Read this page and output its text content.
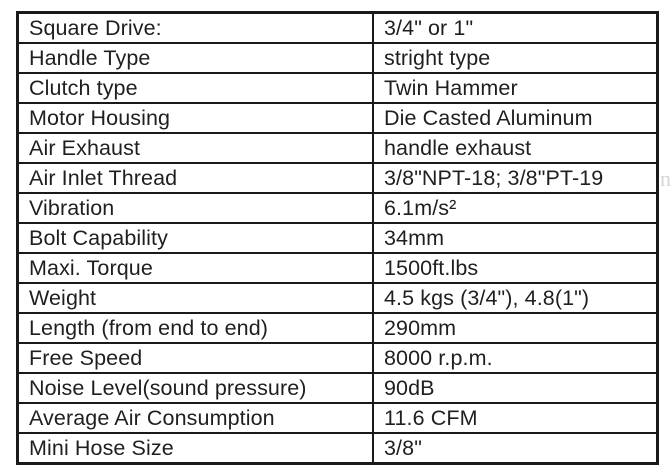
Square Drive:	3/4" or 1"
Handle Type	stright type
Clutch type	Twin Hammer
Motor Housing	Die Casted Aluminum
Air Exhaust	handle exhaust
Air Inlet Thread	3/8"NPT-18; 3/8"PT-19
Vibration	6.1m/s²
Bolt Capability	34mm
Maxi. Torque	1500ft.lbs
Weight	4.5 kgs (3/4"), 4.8(1")
Length (from end to end)	290mm
Free Speed	8000 r.p.m.
Noise Level(sound pressure)	90dB
Average Air Consumption	11.6 CFM
Mini Hose Size	3/8"
n
